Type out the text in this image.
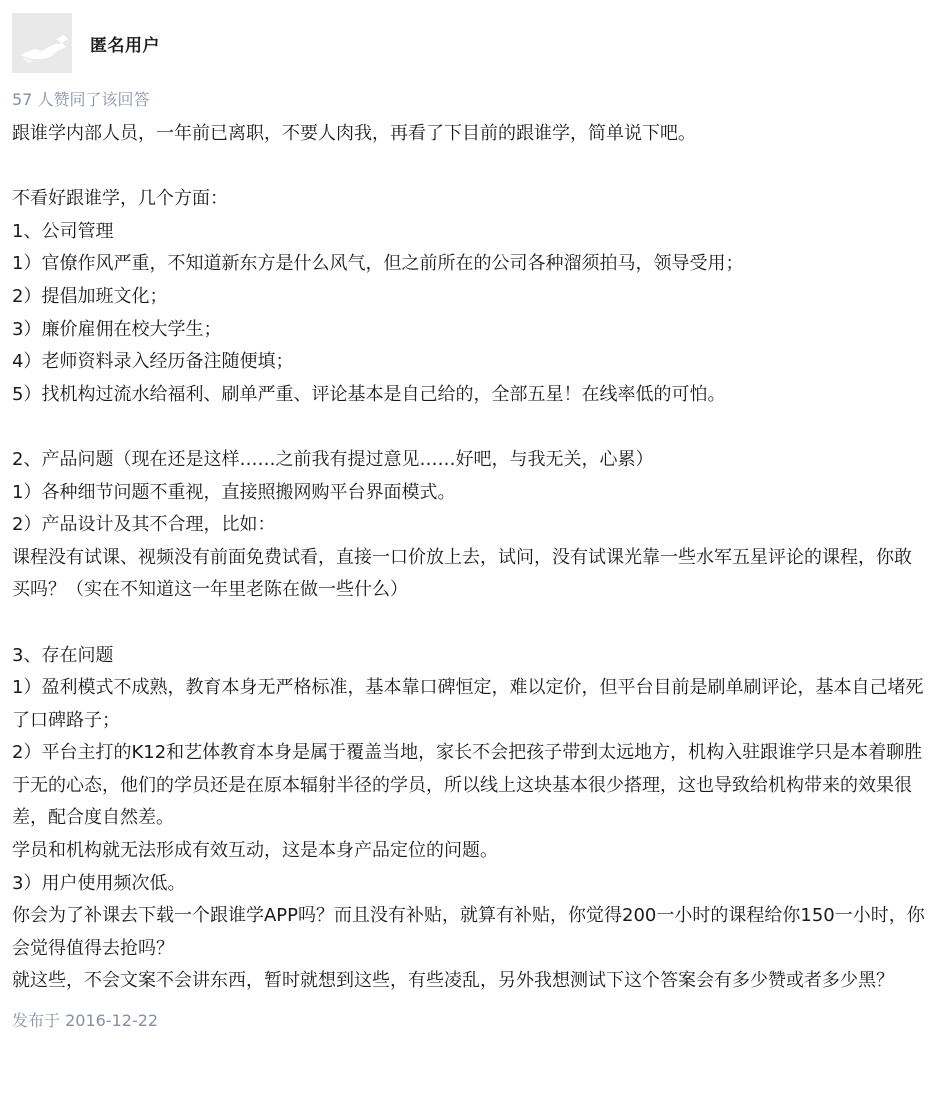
匿名用户
57 人赞同了该回答

跟谁学内部人员，一年前已离职，不要人肉我，再看了下目前的跟谁学，简单说下吧。

不看好跟谁学，几个方面：

1、公司管理

1）官僚作风严重，不知道新东方是什么风气，但之前所在的公司各种溜须拍马，领导受用；

2）提倡加班文化；

3）廉价雇佣在校大学生；

4）老师资料录入经历备注随便填；

5）找机构过流水给福利、刷单严重、评论基本是自己给的，全部五星！在线率低的可怕。

2、产品问题（现在还是这样……之前我有提过意见……好吧，与我无关，心累）

1）各种细节问题不重视，直接照搬网购平台界面模式。

2）产品设计及其不合理，比如：

课程没有试课、视频没有前面免费试看，直接一口价放上去，试问，没有试课光靠一些水军五星评论的课程，你敢买吗？（实在不知道这一年里老陈在做一些什么）

3、存在问题

1）盈利模式不成熟，教育本身无严格标准，基本靠口碑恒定，难以定价，但平台目前是刷单刷评论，基本自己堵死了口碑路子；

2）平台主打的K12和艺体教育本身是属于覆盖当地，家长不会把孩子带到太远地方，机构入驻跟谁学只是本着聊胜于无的心态，他们的学员还是在原本辐射半径的学员，所以线上这块基本很少搭理，这也导致给机构带来的效果很差，配合度自然差。

学员和机构就无法形成有效互动，这是本身产品定位的问题。

3）用户使用频次低。

你会为了补课去下载一个跟谁学APP吗？而且没有补贴，就算有补贴，你觉得200一小时的课程给你150一小时，你会觉得值得去抢吗？

就这些，不会文案不会讲东西，暂时就想到这些，有些凌乱，另外我想测试下这个答案会有多少赞或者多少黑？

发布于 2016-12-22
